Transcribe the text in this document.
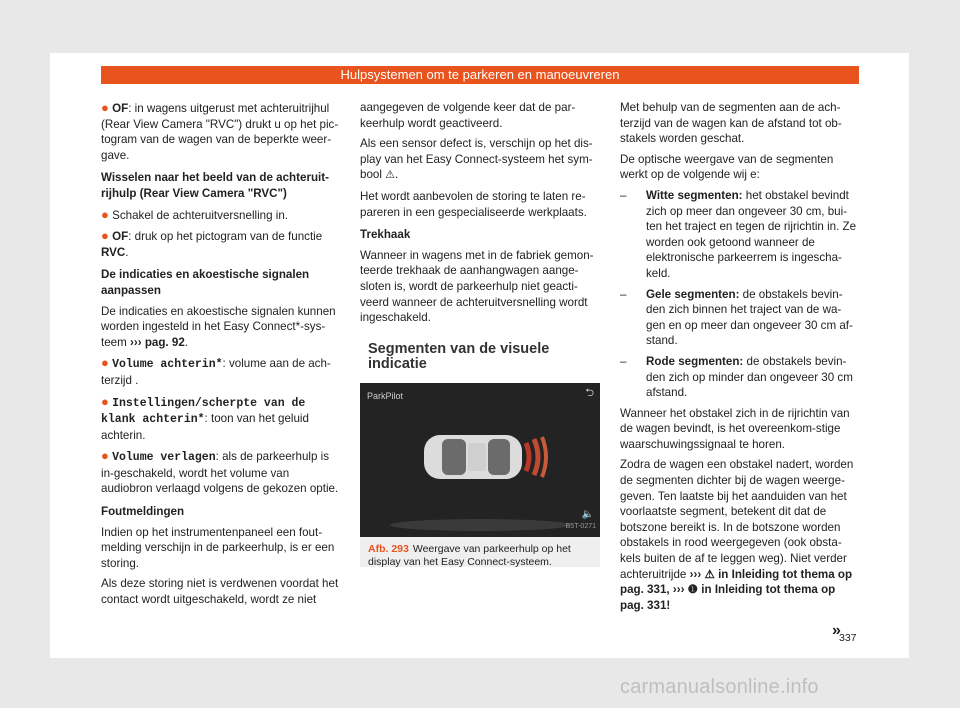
Hulpsystemen om te parkeren en manoeuvreren

● OF: in wagens uitgerust met achteruitrijhul (Rear View Camera "RVC") drukt u op het pic-togram van de wagen van de beperkte weer-gave.

Wisselen naar het beeld van de achteruit-rijhulp (Rear View Camera "RVC")

● Schakel de achteruitversnelling in.

● OF: druk op het pictogram van de functie RVC.

De indicaties en akoestische signalen aanpassen

De indicaties en akoestische signalen kunnen worden ingesteld in het Easy Connect*-sys-teem ››› pag. 92.

● Volume achterin*: volume aan de ach-terzijd .

● Instellingen/scherpte van de klank achterin*: toon van het geluid achterin.

● Volume verlagen: als de parkeerhulp is in-geschakeld, wordt het volume van audiobron verlaagd volgens de gekozen optie.

Foutmeldingen

Indien op het instrumentenpaneel een fout-melding verschijn in de parkeerhulp, is er een storing.

Als deze storing niet is verdwenen voordat het contact wordt uitgeschakeld, wordt ze niet

aangegeven de volgende keer dat de par-keerhulp wordt geactiveerd.

Als een sensor defect is, verschijn op het dis-play van het Easy Connect-systeem het sym-bool ⚠.

Het wordt aanbevolen de storing te laten re-pareren in een gespecialiseerde werkplaats.

Trekhaak

Wanneer in wagens met in de fabriek gemon-teerde trekhaak de aanhangwagen aange-sloten is, wordt de parkeerhulp niet geacti-veerd wanneer de achteruitversnelling wordt ingeschakeld.

Segmenten van de visuele indicatie
ParkPilot	⮌
🔈
B5T-0271
Afb. 293 Weergave van parkeerhulp op het display van het Easy Connect-systeem.

Met behulp van de segmenten aan de ach-terzijd van de wagen kan de afstand tot ob-stakels worden geschat.

De optische weergave van de segmenten werkt op de volgende wij e:

–	Witte segmenten: het obstakel bevindt zich op meer dan ongeveer 30 cm, bui-ten het traject en tegen de rijrichtin in. Ze worden ook getoond wanneer de elektronische parkeerrem is ingescha-keld.
–	Gele segmenten: de obstakels bevin-den zich binnen het traject van de wa-gen en op meer dan ongeveer 30 cm af-stand.
–	Rode segmenten: de obstakels bevin-den zich op minder dan ongeveer 30 cm afstand.

Wanneer het obstakel zich in de rijrichtin van de wagen bevindt, is het overeenkom-stige waarschuwingssignaal te horen.

Zodra de wagen een obstakel nadert, worden de segmenten dichter bij de wagen weerge-geven. Ten laatste bij het aanduiden van het voorlaatste segment, betekent dit dat de botszone bereikt is. In de botszone worden obstakels in rood weergegeven (ook obsta-kels buiten de af te leggen weg). Niet verder achteruitrijde ››› ⚠ in Inleiding tot thema op pag. 331, ››› ❶ in Inleiding tot thema op pag. 331!

»
337
carmanualsonline.info
